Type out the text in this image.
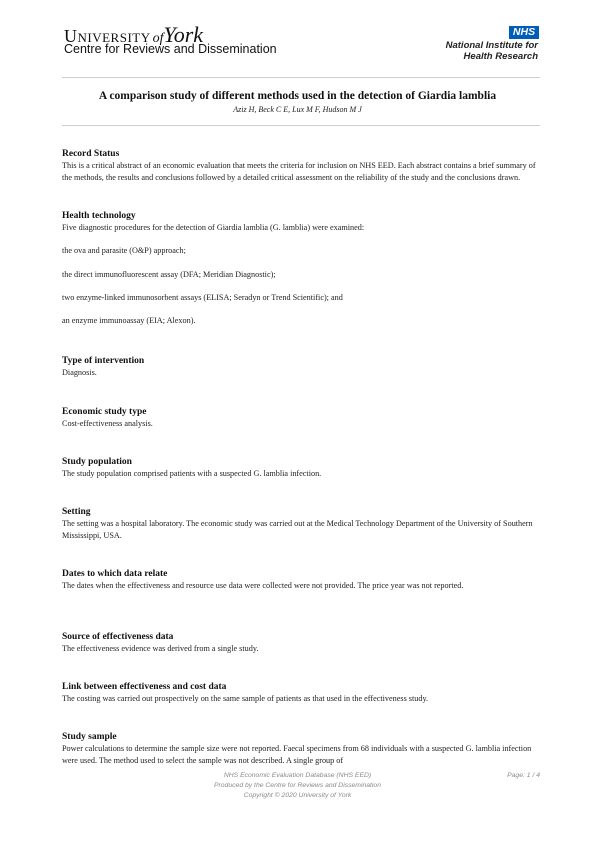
University ofYork
Centre for Reviews and Dissemination
NHS
National Institute for
Health Research
A comparison study of different methods used in the detection of Giardia lamblia
Aziz H, Beck C E, Lux M F, Hudson M J
Record Status
This is a critical abstract of an economic evaluation that meets the criteria for inclusion on NHS EED. Each abstract contains a brief summary of the methods, the results and conclusions followed by a detailed critical assessment on the reliability of the study and the conclusions drawn.
Health technology
Five diagnostic procedures for the detection of Giardia lamblia (G. lamblia) were examined:
the ova and parasite (O&P) approach;
the direct immunofluorescent assay (DFA; Meridian Diagnostic);
two enzyme-linked immunosorbent assays (ELISA; Seradyn or Trend Scientific); and
an enzyme immunoassay (EIA; Alexon).
Type of intervention
Diagnosis.
Economic study type
Cost-effectiveness analysis.
Study population
The study population comprised patients with a suspected G. lamblia infection.
Setting
The setting was a hospital laboratory. The economic study was carried out at the Medical Technology Department of the University of Southern Mississippi, USA.
Dates to which data relate
The dates when the effectiveness and resource use data were collected were not provided. The price year was not reported.
Source of effectiveness data
The effectiveness evidence was derived from a single study.
Link between effectiveness and cost data
The costing was carried out prospectively on the same sample of patients as that used in the effectiveness study.
Study sample
Power calculations to determine the sample size were not reported. Faecal specimens from 68 individuals with a suspected G. lamblia infection were used. The method used to select the sample was not described. A single group of
NHS Economic Evaluation Database (NHS EED)
Produced by the Centre for Reviews and Dissemination
Copyright © 2020 University of York
Page: 1 / 4
